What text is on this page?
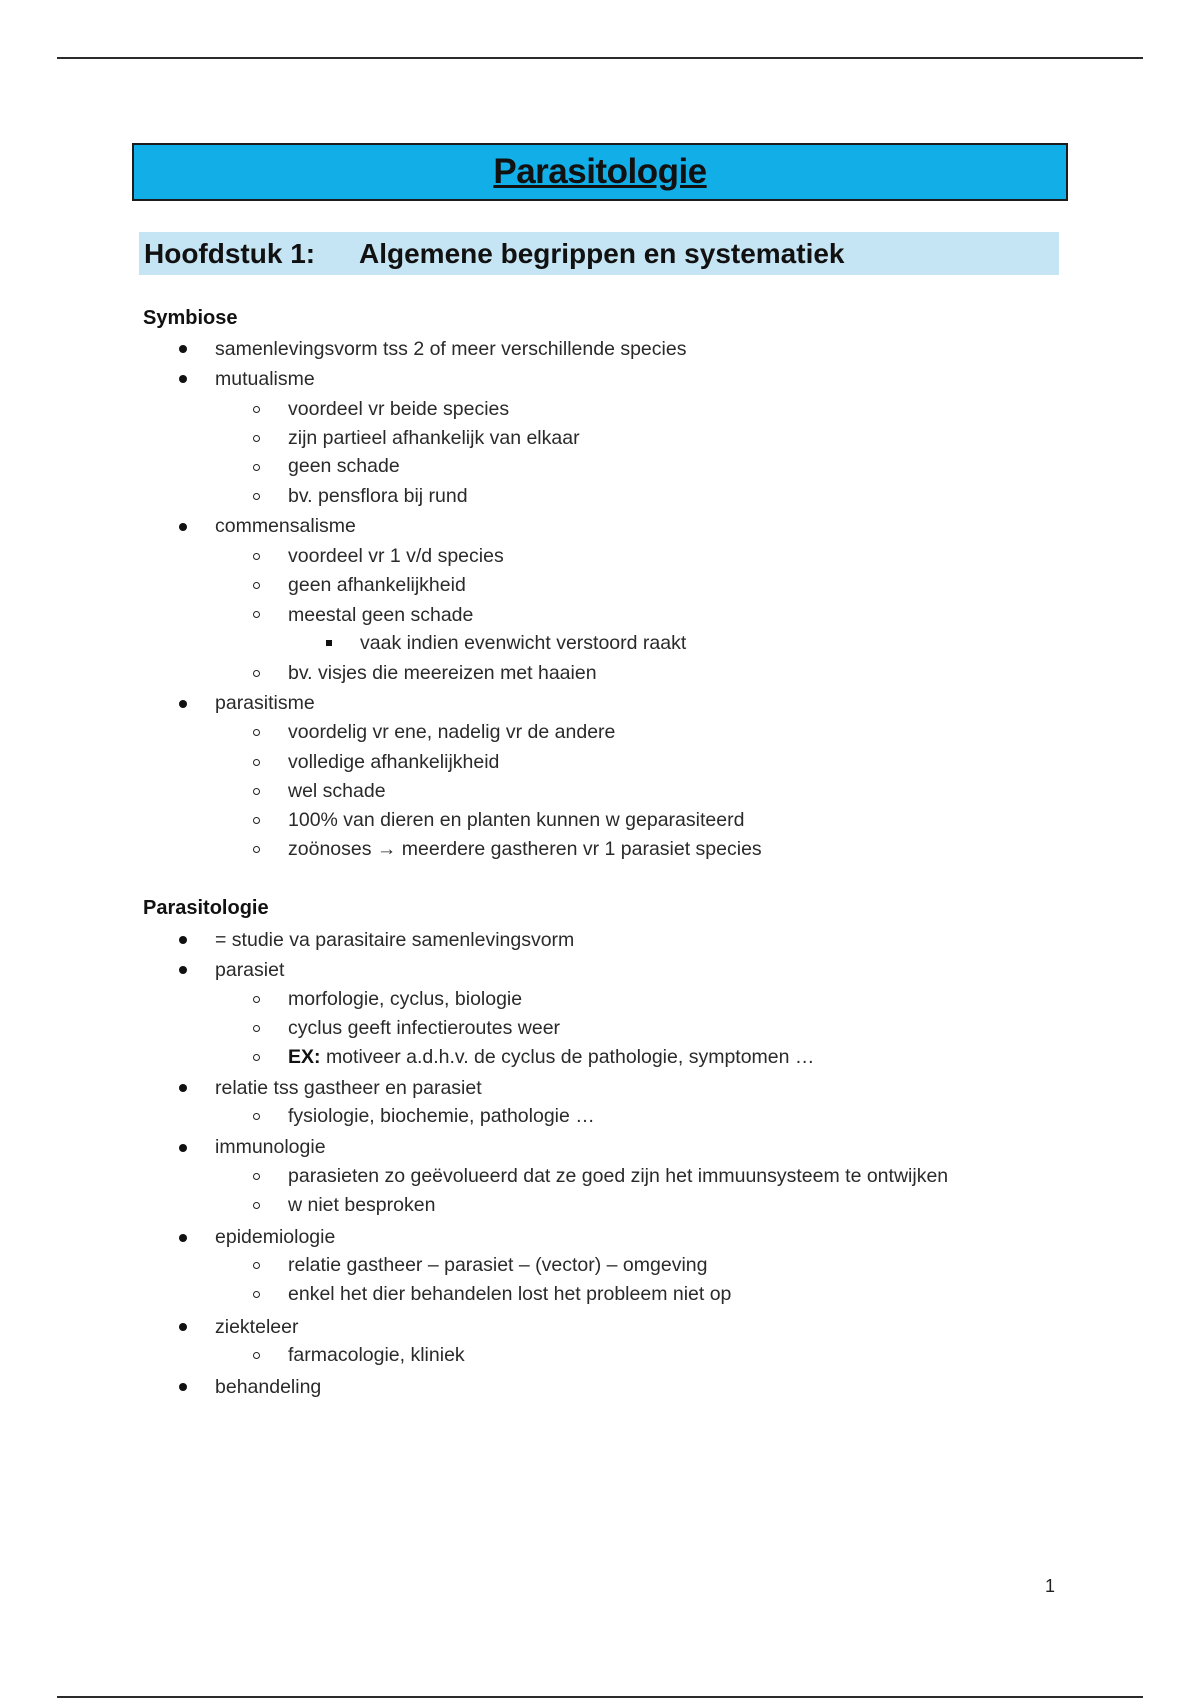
Parasitologie
Hoofdstuk 1:	Algemene begrippen en systematiek
Symbiose
samenlevingsvorm tss 2 of meer verschillende species
mutualisme
voordeel vr beide species
zijn partieel afhankelijk van elkaar
geen schade
bv. pensflora bij rund
commensalisme
voordeel vr 1 v/d species
geen afhankelijkheid
meestal geen schade
vaak indien evenwicht verstoord raakt
bv. visjes die meereizen met haaien
parasitisme
voordelig vr ene, nadelig vr de andere
volledige afhankelijkheid
wel schade
100% van dieren en planten kunnen w geparasiteerd
zoönoses → meerdere gastheren vr 1 parasiet species
Parasitologie
= studie va parasitaire samenlevingsvorm
parasiet
morfologie, cyclus, biologie
cyclus geeft infectieroutes weer
EX: motiveer a.d.h.v. de cyclus de pathologie, symptomen …
relatie tss gastheer en parasiet
fysiologie, biochemie, pathologie …
immunologie
parasieten zo geëvolueerd dat ze goed zijn het immuunsysteem te ontwijken
w niet besproken
epidemiologie
relatie gastheer – parasiet – (vector) – omgeving
enkel het dier behandelen lost het probleem niet op
ziekteleer
farmacologie, kliniek
behandeling
1
